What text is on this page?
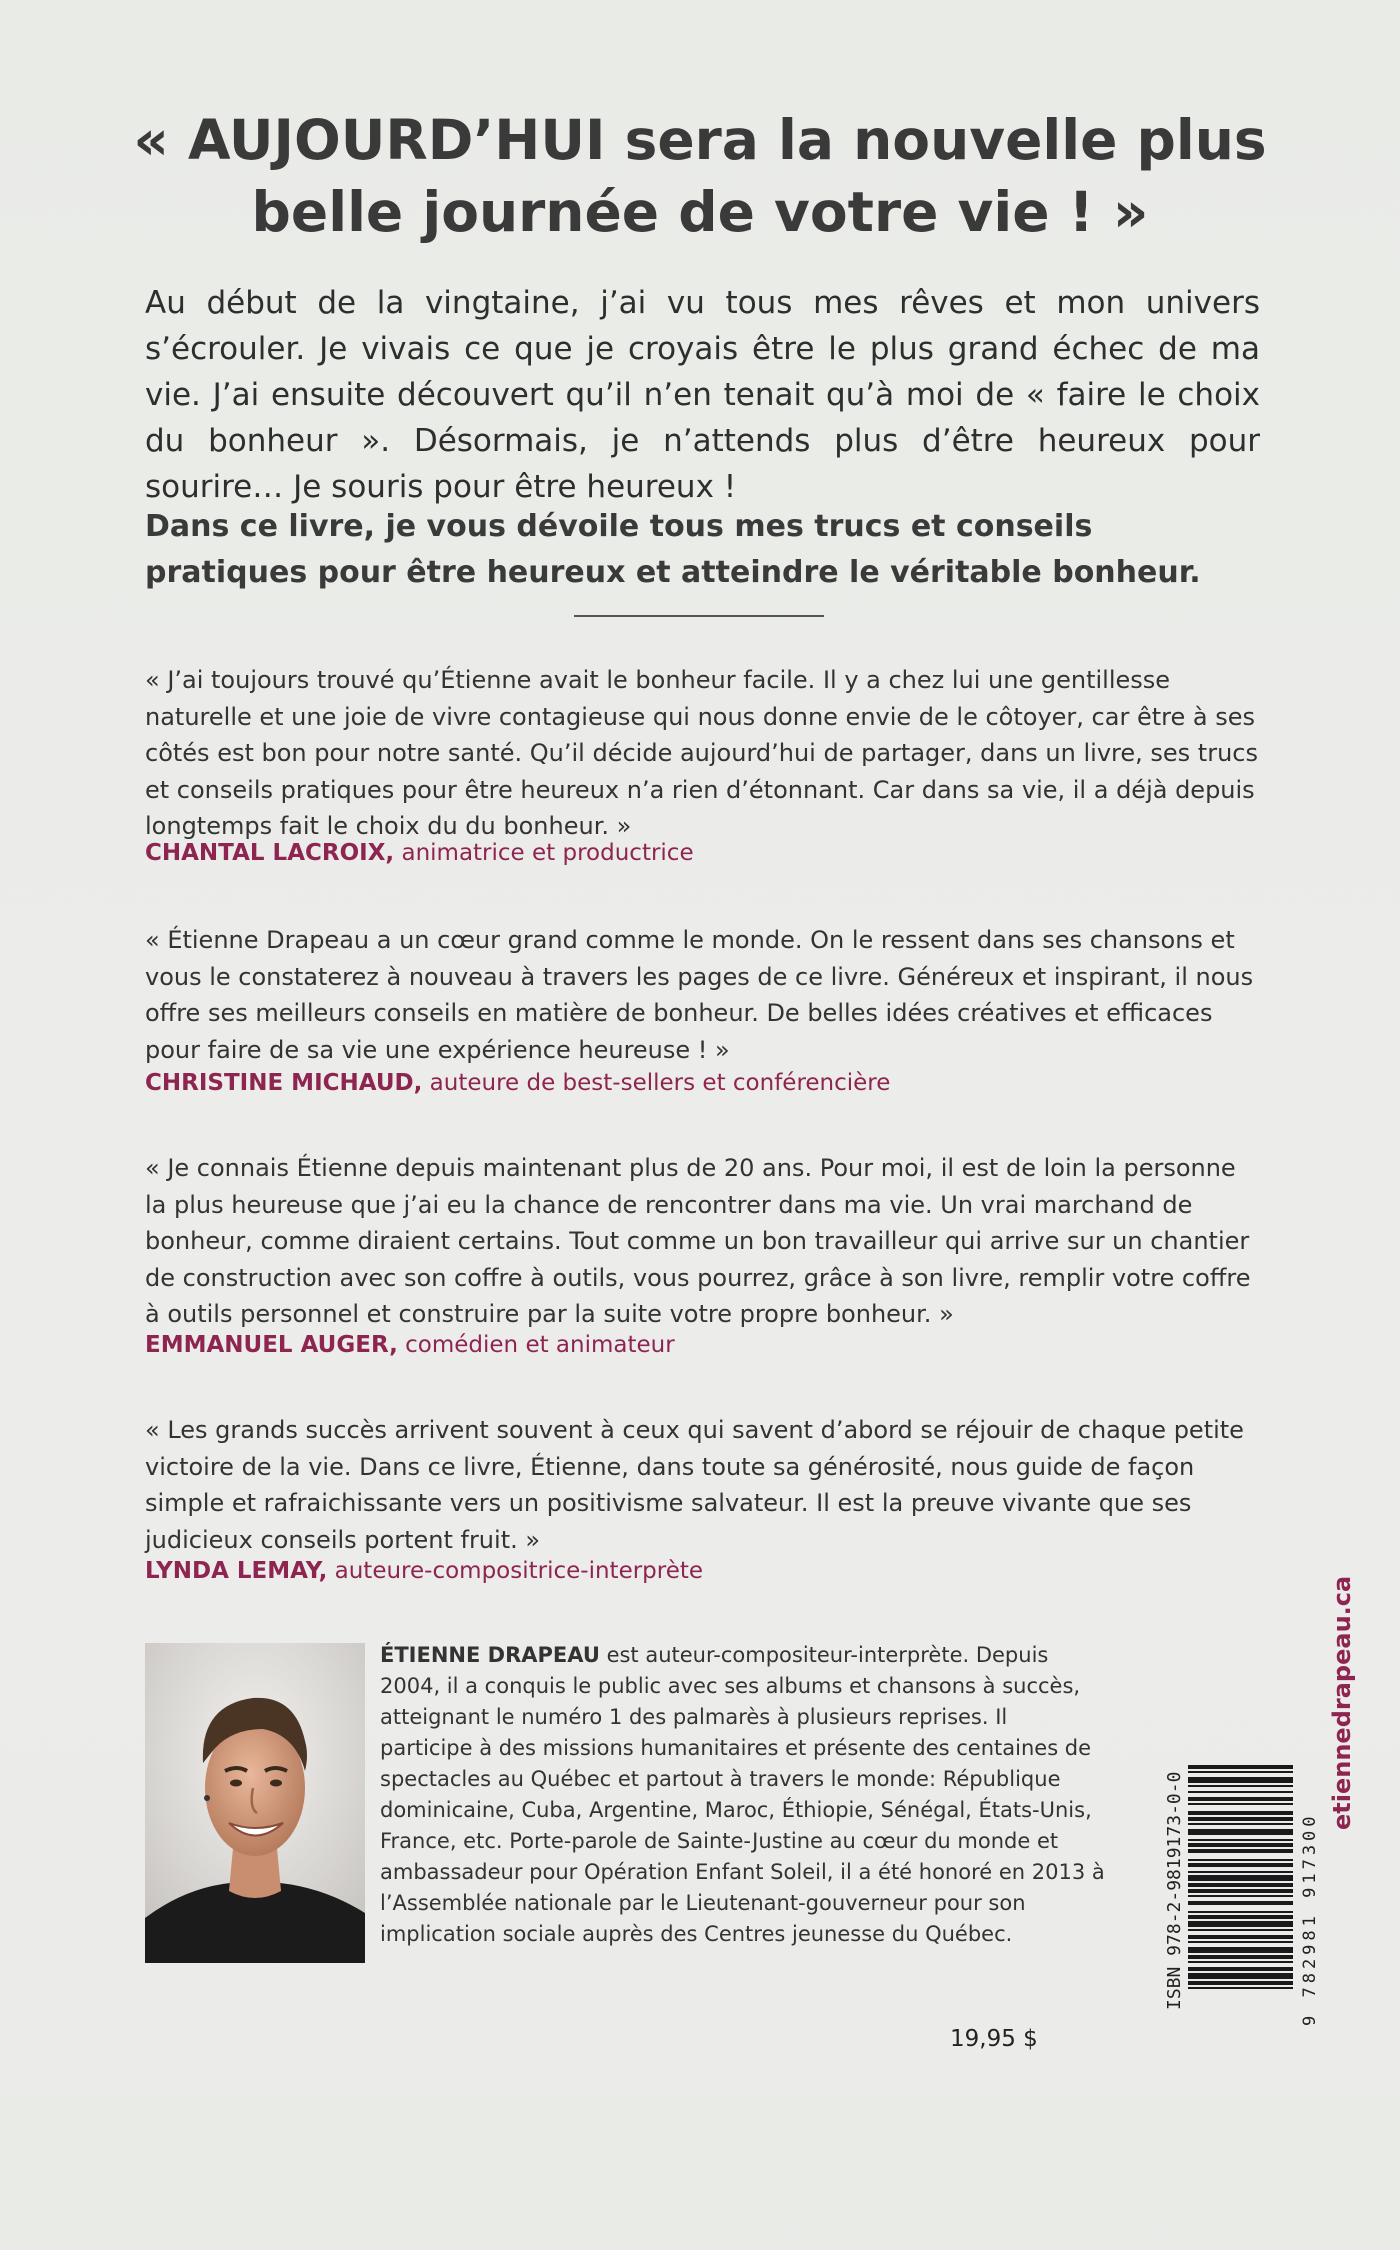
« AUJOURD’HUI sera la nouvelle plus
belle journée de votre vie ! »

Au début de la vingtaine, j’ai vu tous mes rêves et mon univers s’écrouler. Je vivais ce que je croyais être le plus grand échec de ma vie. J’ai ensuite découvert qu’il n’en tenait qu’à moi de « faire le choix du bonheur ». Désormais, je n’attends plus d’être heureux pour sourire… Je souris pour être heureux !

Dans ce livre, je vous dévoile tous mes trucs et conseils pratiques pour être heureux et atteindre le véritable bonheur.

« J’ai toujours trouvé qu’Étienne avait le bonheur facile. Il y a chez lui une gentillesse naturelle et une joie de vivre contagieuse qui nous donne envie de le côtoyer, car être à ses côtés est bon pour notre santé. Qu’il décide aujourd’hui de partager, dans un livre, ses trucs et conseils pratiques pour être heureux n’a rien d’étonnant. Car dans sa vie, il a déjà depuis longtemps fait le choix du du bonheur. »

CHANTAL LACROIX, animatrice et productrice

« Étienne Drapeau a un cœur grand comme le monde. On le ressent dans ses chansons et vous le constaterez à nouveau à travers les pages de ce livre. Généreux et inspirant, il nous offre ses meilleurs conseils en matière de bonheur. De belles idées créatives et efficaces pour faire de sa vie une expérience heureuse ! »

CHRISTINE MICHAUD, auteure de best-sellers et conférencière

« Je connais Étienne depuis maintenant plus de 20 ans. Pour moi, il est de loin la personne la plus heureuse que j’ai eu la chance de rencontrer dans ma vie. Un vrai marchand de bonheur, comme diraient certains. Tout comme un bon travailleur qui arrive sur un chantier de construction avec son coffre à outils, vous pourrez, grâce à son livre, remplir votre coffre à outils personnel et construire par la suite votre propre bonheur. »

EMMANUEL AUGER, comédien et animateur

« Les grands succès arrivent souvent à ceux qui savent d’abord se réjouir de chaque petite victoire de la vie. Dans ce livre, Étienne, dans toute sa générosité, nous guide de façon simple et rafraichissante vers un positivisme salvateur. Il est la preuve vivante que ses judicieux conseils portent fruit. »

LYNDA LEMAY, auteure-compositrice-interprète

ÉTIENNE DRAPEAU est auteur-compositeur-interprète. Depuis 2004, il a conquis le public avec ses albums et chansons à succès, atteignant le numéro 1 des palmarès à plusieurs reprises. Il participe à des missions humanitaires et présente des centaines de spectacles au Québec et partout à travers le monde: République dominicaine, Cuba, Argentine, Maroc, Éthiopie, Sénégal, États-Unis, France, etc. Porte-parole de Sainte-Justine au cœur du monde et ambassadeur pour Opération Enfant Soleil, il a été honoré en 2013 à l’Assemblée nationale par le Lieutenant-gouverneur pour son implication sociale auprès des Centres jeunesse du Québec.

etiennedrapeau.ca
ISBN 978-2-9819173-0-0	9 782981 917300
19,95 $
